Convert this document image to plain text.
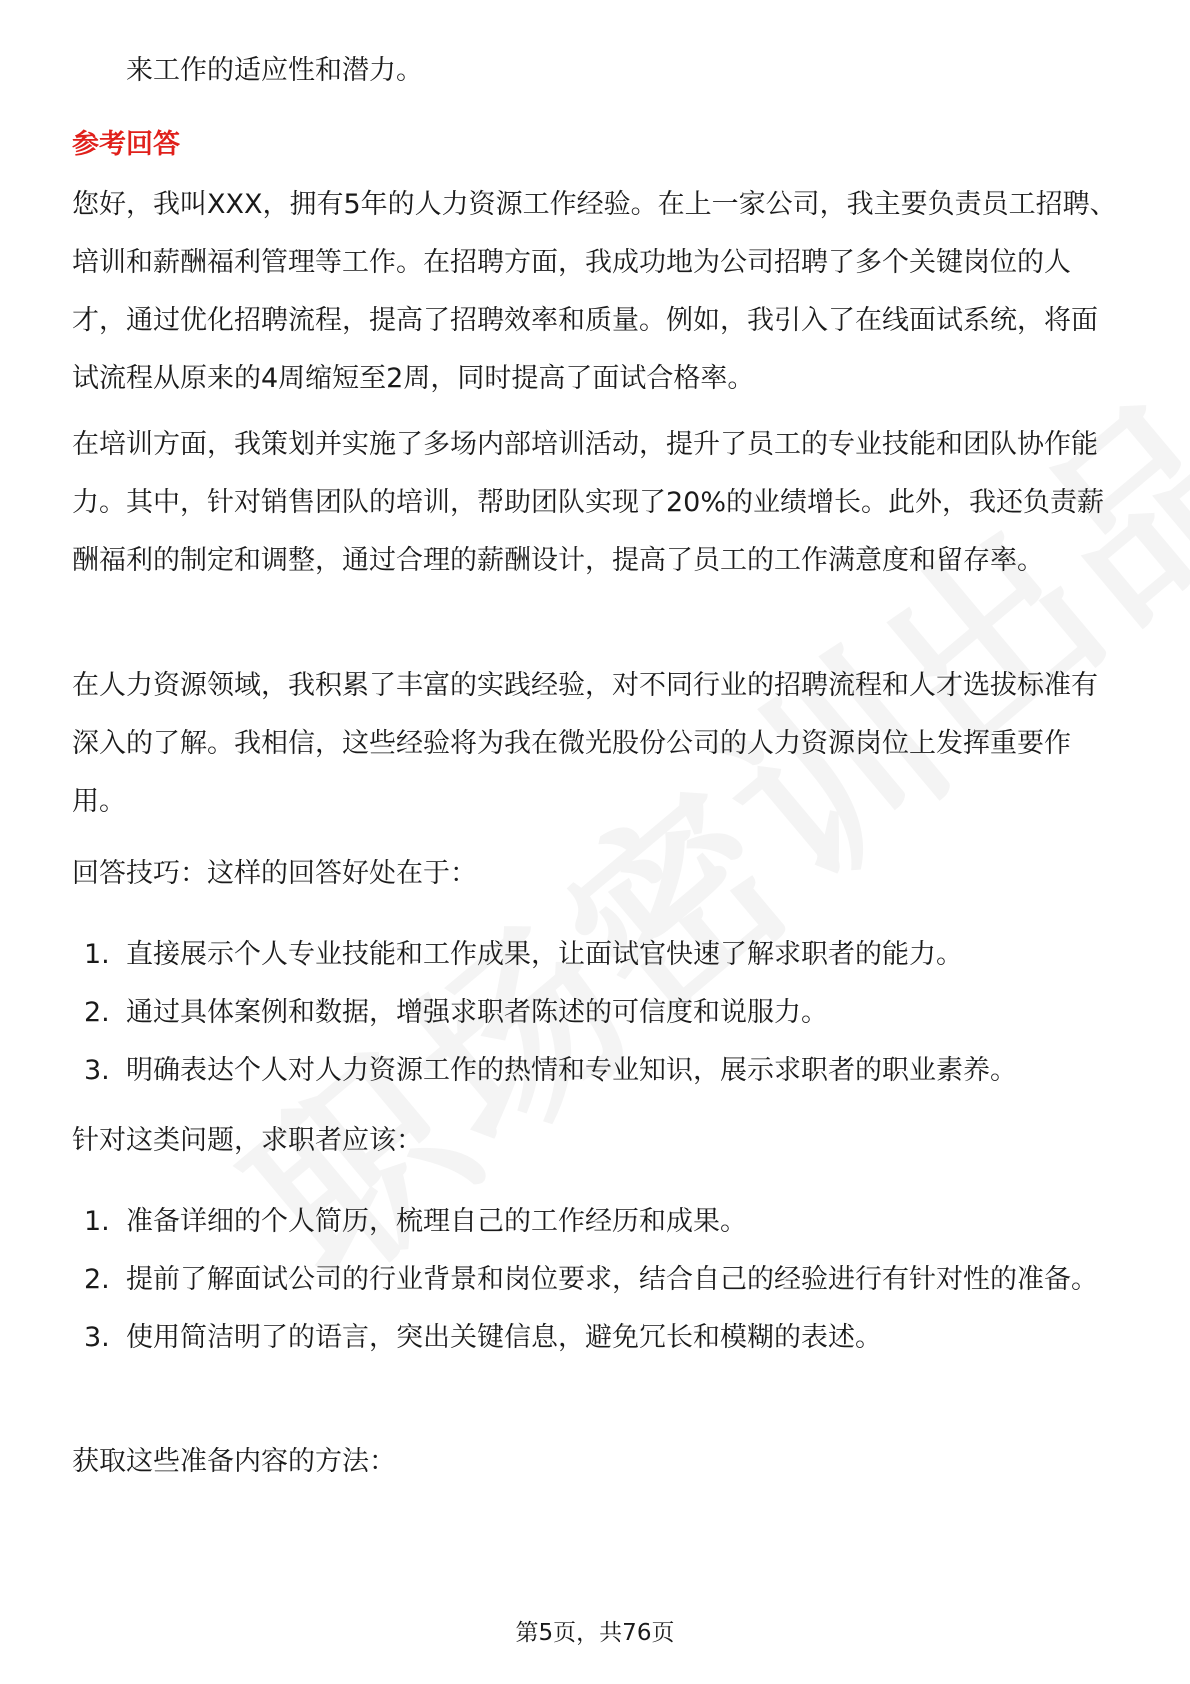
来工作的适应性和潜力。

参考回答

您好，我叫XXX，拥有5年的人力资源工作经验。在上一家公司，我主要负责员工招聘、培训和薪酬福利管理等工作。在招聘方面，我成功地为公司招聘了多个关键岗位的人才，通过优化招聘流程，提高了招聘效率和质量。例如，我引入了在线面试系统，将面试流程从原来的4周缩短至2周，同时提高了面试合格率。

在培训方面，我策划并实施了多场内部培训活动，提升了员工的专业技能和团队协作能力。其中，针对销售团队的培训，帮助团队实现了20%的业绩增长。此外，我还负责薪酬福利的制定和调整，通过合理的薪酬设计，提高了员工的工作满意度和留存率。

在人力资源领域，我积累了丰富的实践经验，对不同行业的招聘流程和人才选拔标准有深入的了解。我相信，这些经验将为我在微光股份公司的人力资源岗位上发挥重要作用。

回答技巧：这样的回答好处在于：

1. 直接展示个人专业技能和工作成果，让面试官快速了解求职者的能力。
2. 通过具体案例和数据，增强求职者陈述的可信度和说服力。
3. 明确表达个人对人力资源工作的热情和专业知识，展示求职者的职业素养。

针对这类问题，求职者应该：

1. 准备详细的个人简历，梳理自己的工作经历和成果。
2. 提前了解面试公司的行业背景和岗位要求，结合自己的经验进行有针对性的准备。
3. 使用简洁明了的语言，突出关键信息，避免冗长和模糊的表述。

获取这些准备内容的方法：

第5页，共76页
